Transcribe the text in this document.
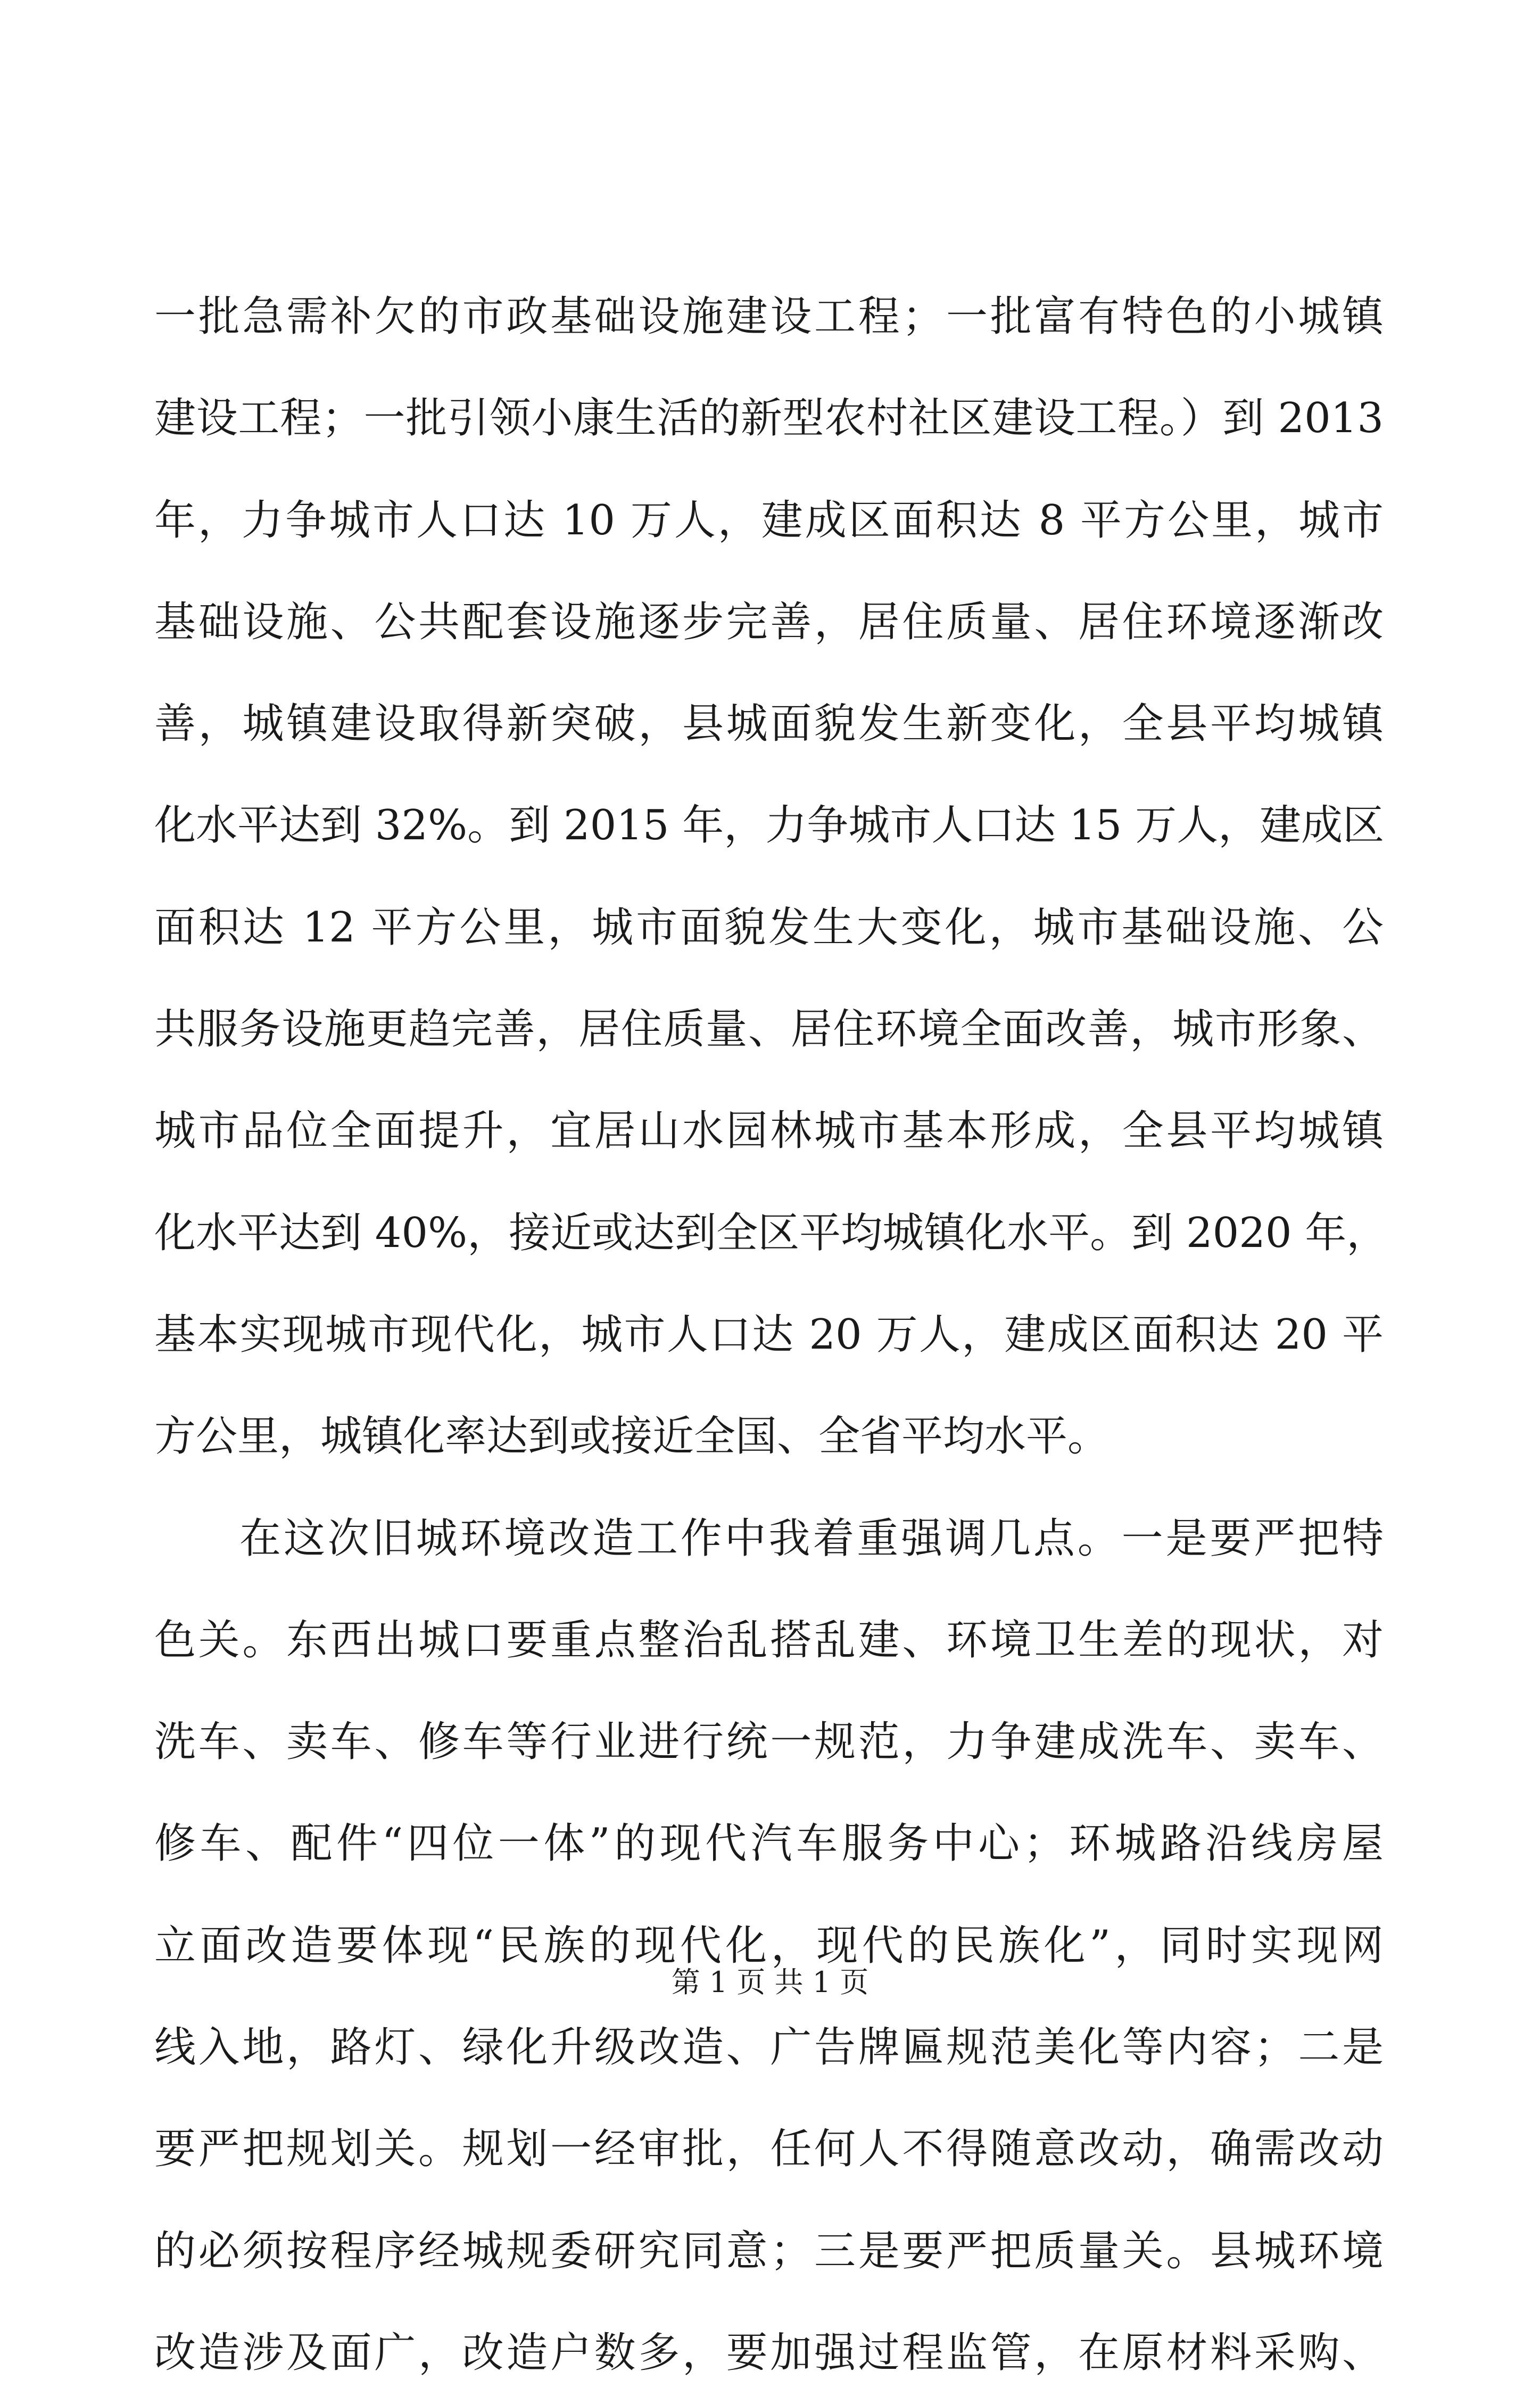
一批急需补欠的市政基础设施建设工程；一批富有特色的小城镇
建设工程；一批引领小康生活的新型农村社区建设工程。）到 2013
年，力争城市人口达 10 万人，建成区面积达 8 平方公里，城市
基础设施、公共配套设施逐步完善，居住质量、居住环境逐渐改
善，城镇建设取得新突破，县城面貌发生新变化，全县平均城镇
化水平达到 32%。到 2015 年，力争城市人口达 15 万人，建成区
面积达 12 平方公里，城市面貌发生大变化，城市基础设施、公
共服务设施更趋完善，居住质量、居住环境全面改善，城市形象、
城市品位全面提升，宜居山水园林城市基本形成，全县平均城镇
化水平达到 40%，接近或达到全区平均城镇化水平。到 2020 年，
基本实现城市现代化，城市人口达 20 万人，建成区面积达 20 平
方公里，城镇化率达到或接近全国、全省平均水平。
在这次旧城环境改造工作中我着重强调几点。一是要严把特
色关。东西出城口要重点整治乱搭乱建、环境卫生差的现状，对
洗车、卖车、修车等行业进行统一规范，力争建成洗车、卖车、
修车、配件“四位一体”的现代汽车服务中心；环城路沿线房屋
立面改造要体现“民族的现代化，现代的民族化”，同时实现网
线入地，路灯、绿化升级改造、广告牌匾规范美化等内容；二是
要严把规划关。规划一经审批，任何人不得随意改动，确需改动
的必须按程序经城规委研究同意；三是要严把质量关。县城环境
改造涉及面广，改造户数多，要加强过程监管，在原材料采购、
第 1 页 共 1 页
